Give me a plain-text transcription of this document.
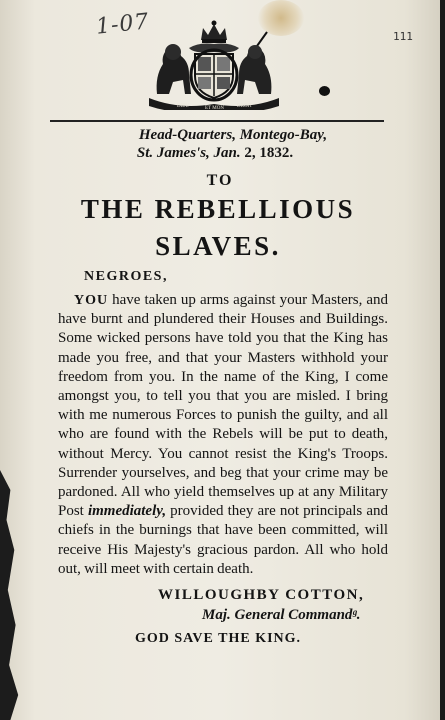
1-07	111
DIEU	ET MON	DROIT
Head-Quarters, Montego-Bay,
St. James's, Jan. 2, 1832.
TO
THE REBELLIOUS
SLAVES.
NEGROES,
YOU have taken up arms against your Masters, and have burnt and plundered their Houses and Buildings. Some wicked persons have told you that the King has made you free, and that your Masters withhold your freedom from you. In the name of the King, I come amongst you, to tell you that you are misled. I bring with me numerous Forces to punish the guilty, and all who are found with the Rebels will be put to death, without Mercy. You cannot resist the King's Troops. Surrender yourselves, and beg that your crime may be pardoned. All who yield themselves up at any Military Post immediately, provided they are not principals and chiefs in the burnings that have been committed, will receive His Majesty's gracious pardon. All who hold out, will meet with certain death.
WILLOUGHBY COTTON,
Maj. General Commandᵍ.
GOD SAVE THE KING.
